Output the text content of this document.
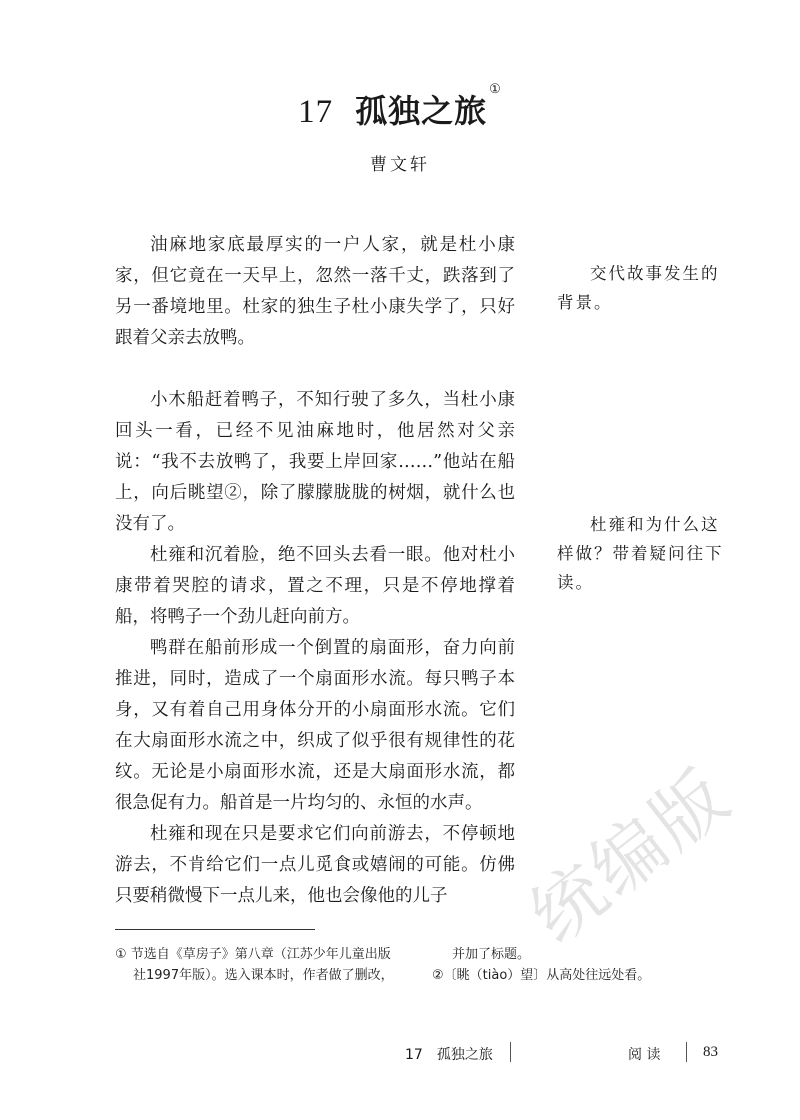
17 孤独之旅①
曹文轩

油麻地家底最厚实的一户人家，就是杜小康家，但它竟在一天早上，忽然一落千丈，跌落到了另一番境地里。杜家的独生子杜小康失学了，只好跟着父亲去放鸭。

小木船赶着鸭子，不知行驶了多久，当杜小康回头一看，已经不见油麻地时，他居然对父亲说：“我不去放鸭了，我要上岸回家……”他站在船上，向后眺望②，除了朦朦胧胧的树烟，就什么也没有了。

杜雍和沉着脸，绝不回头去看一眼。他对杜小康带着哭腔的请求，置之不理，只是不停地撑着船，将鸭子一个劲儿赶向前方。

鸭群在船前形成一个倒置的扇面形，奋力向前推进，同时，造成了一个扇面形水流。每只鸭子本身，又有着自己用身体分开的小扇面形水流。它们在大扇面形水流之中，织成了似乎很有规律性的花纹。无论是小扇面形水流，还是大扇面形水流，都很急促有力。船首是一片均匀的、永恒的水声。

杜雍和现在只是要求它们向前游去，不停顿地游去，不肯给它们一点儿觅食或嬉闹的可能。仿佛只要稍微慢下一点儿来，他也会像他的儿子

交代故事发生的背景。

杜雍和为什么这样做？带着疑问往下读。

① 节选自《草房子》第八章（江苏少年儿童出版
社1997年版）。选入课本时，作者做了删改，
并加了标题。
②〔眺（tiào）望〕从高处往远处看。
统编版
17　孤独之旅	阅 读	83
